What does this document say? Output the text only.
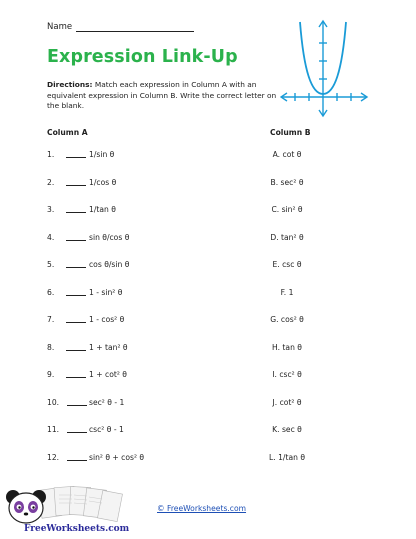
Name
Expression Link-Up
Directions: Match each expression in Column A with an equivalent expression in Column B. Write the correct letter on the blank.
Column A	Column B
1.	1/sin θ	A. cot θ
2.	1/cos θ	B. sec² θ
3.	1/tan θ	C. sin² θ
4.	sin θ/cos θ	D. tan² θ
5.	cos θ/sin θ	E. csc θ
6.	1 - sin² θ	F. 1
7.	1 - cos² θ	G. cos² θ
8.	1 + tan² θ	H. tan θ
9.	1 + cot² θ	I. csc² θ
10.	sec² θ - 1	J. cot² θ
11.	csc² θ - 1	K. sec θ
12.	sin² θ + cos² θ	L. 1/tan θ
FreeWorksheets.com
© FreeWorksheets.com
